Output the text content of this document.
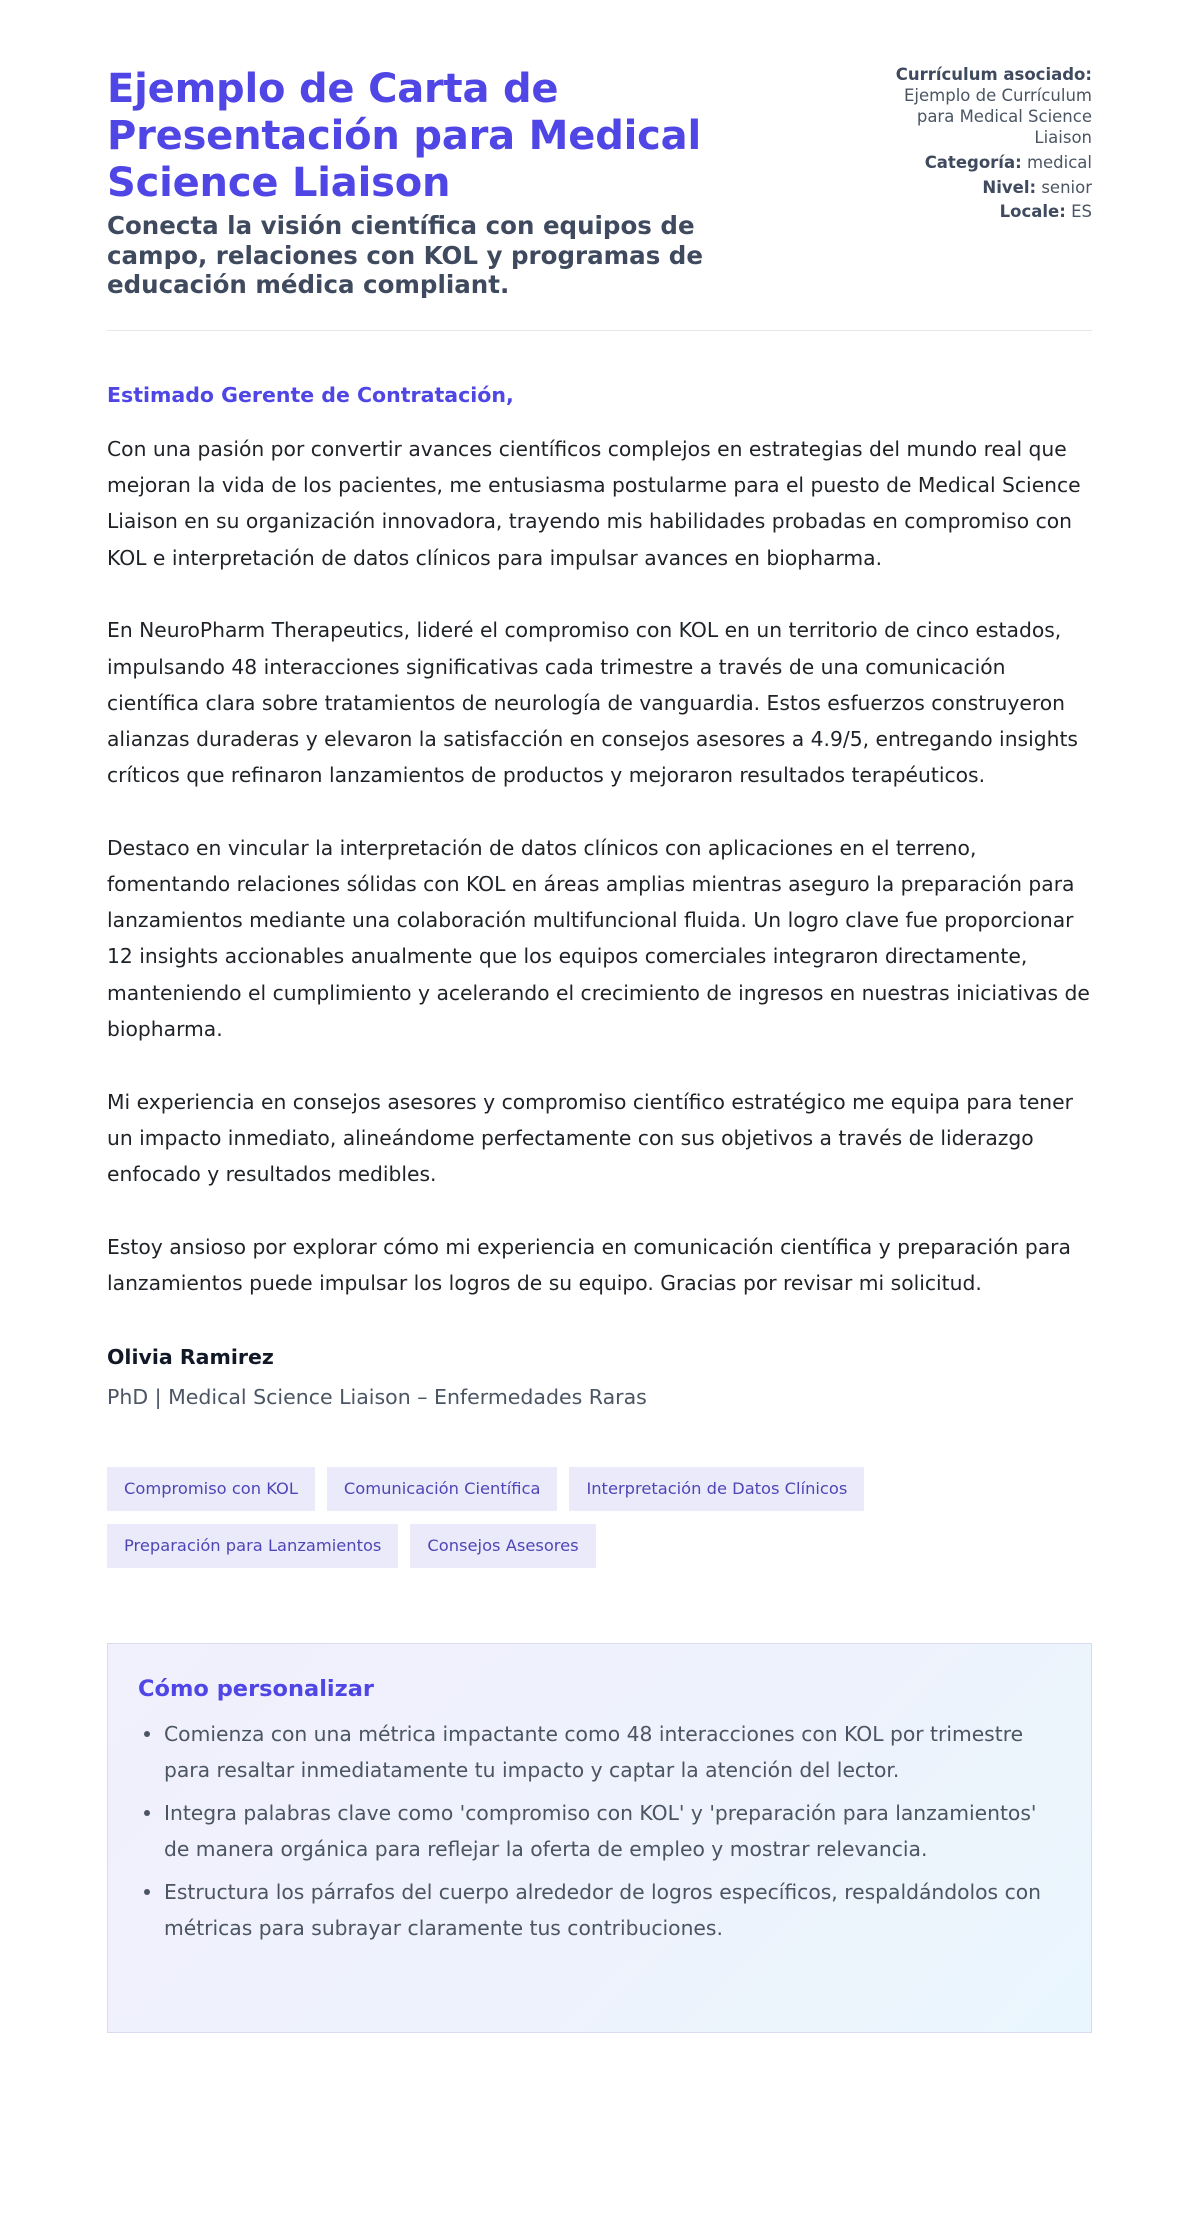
Ejemplo de Carta de Presentación para Medical Science Liaison
Conecta la visión científica con equipos de campo, relaciones con KOL y programas de educación médica compliant.
Currículum asociado:
Ejemplo de Currículum para Medical Science Liaison
Categoría: medical
Nivel: senior
Locale: ES

Estimado Gerente de Contratación,

Con una pasión por convertir avances científicos complejos en estrategias del mundo real que mejoran la vida de los pacientes, me entusiasma postularme para el puesto de Medical Science Liaison en su organización innovadora, trayendo mis habilidades probadas en compromiso con KOL e interpretación de datos clínicos para impulsar avances en biopharma.

En NeuroPharm Therapeutics, lideré el compromiso con KOL en un territorio de cinco estados, impulsando 48 interacciones significativas cada trimestre a través de una comunicación científica clara sobre tratamientos de neurología de vanguardia. Estos esfuerzos construyeron alianzas duraderas y elevaron la satisfacción en consejos asesores a 4.9/5, entregando insights críticos que refinaron lanzamientos de productos y mejoraron resultados terapéuticos.

Destaco en vincular la interpretación de datos clínicos con aplicaciones en el terreno, fomentando relaciones sólidas con KOL en áreas amplias mientras aseguro la preparación para lanzamientos mediante una colaboración multifuncional fluida. Un logro clave fue proporcionar 12 insights accionables anualmente que los equipos comerciales integraron directamente, manteniendo el cumplimiento y acelerando el crecimiento de ingresos en nuestras iniciativas de biopharma.

Mi experiencia en consejos asesores y compromiso científico estratégico me equipa para tener un impacto inmediato, alineándome perfectamente con sus objetivos a través de liderazgo enfocado y resultados medibles.

Estoy ansioso por explorar cómo mi experiencia en comunicación científica y preparación para lanzamientos puede impulsar los logros de su equipo. Gracias por revisar mi solicitud.

Olivia Ramirez
PhD | Medical Science Liaison – Enfermedades Raras
Compromiso con KOL	Comunicación Científica	Interpretación de Datos Clínicos
Preparación para Lanzamientos	Consejos Asesores
Cómo personalizar
Comienza con una métrica impactante como 48 interacciones con KOL por trimestre para resaltar inmediatamente tu impacto y captar la atención del lector.
Integra palabras clave como 'compromiso con KOL' y 'preparación para lanzamientos' de manera orgánica para reflejar la oferta de empleo y mostrar relevancia.
Estructura los párrafos del cuerpo alrededor de logros específicos, respaldándolos con métricas para subrayar claramente tus contribuciones.
